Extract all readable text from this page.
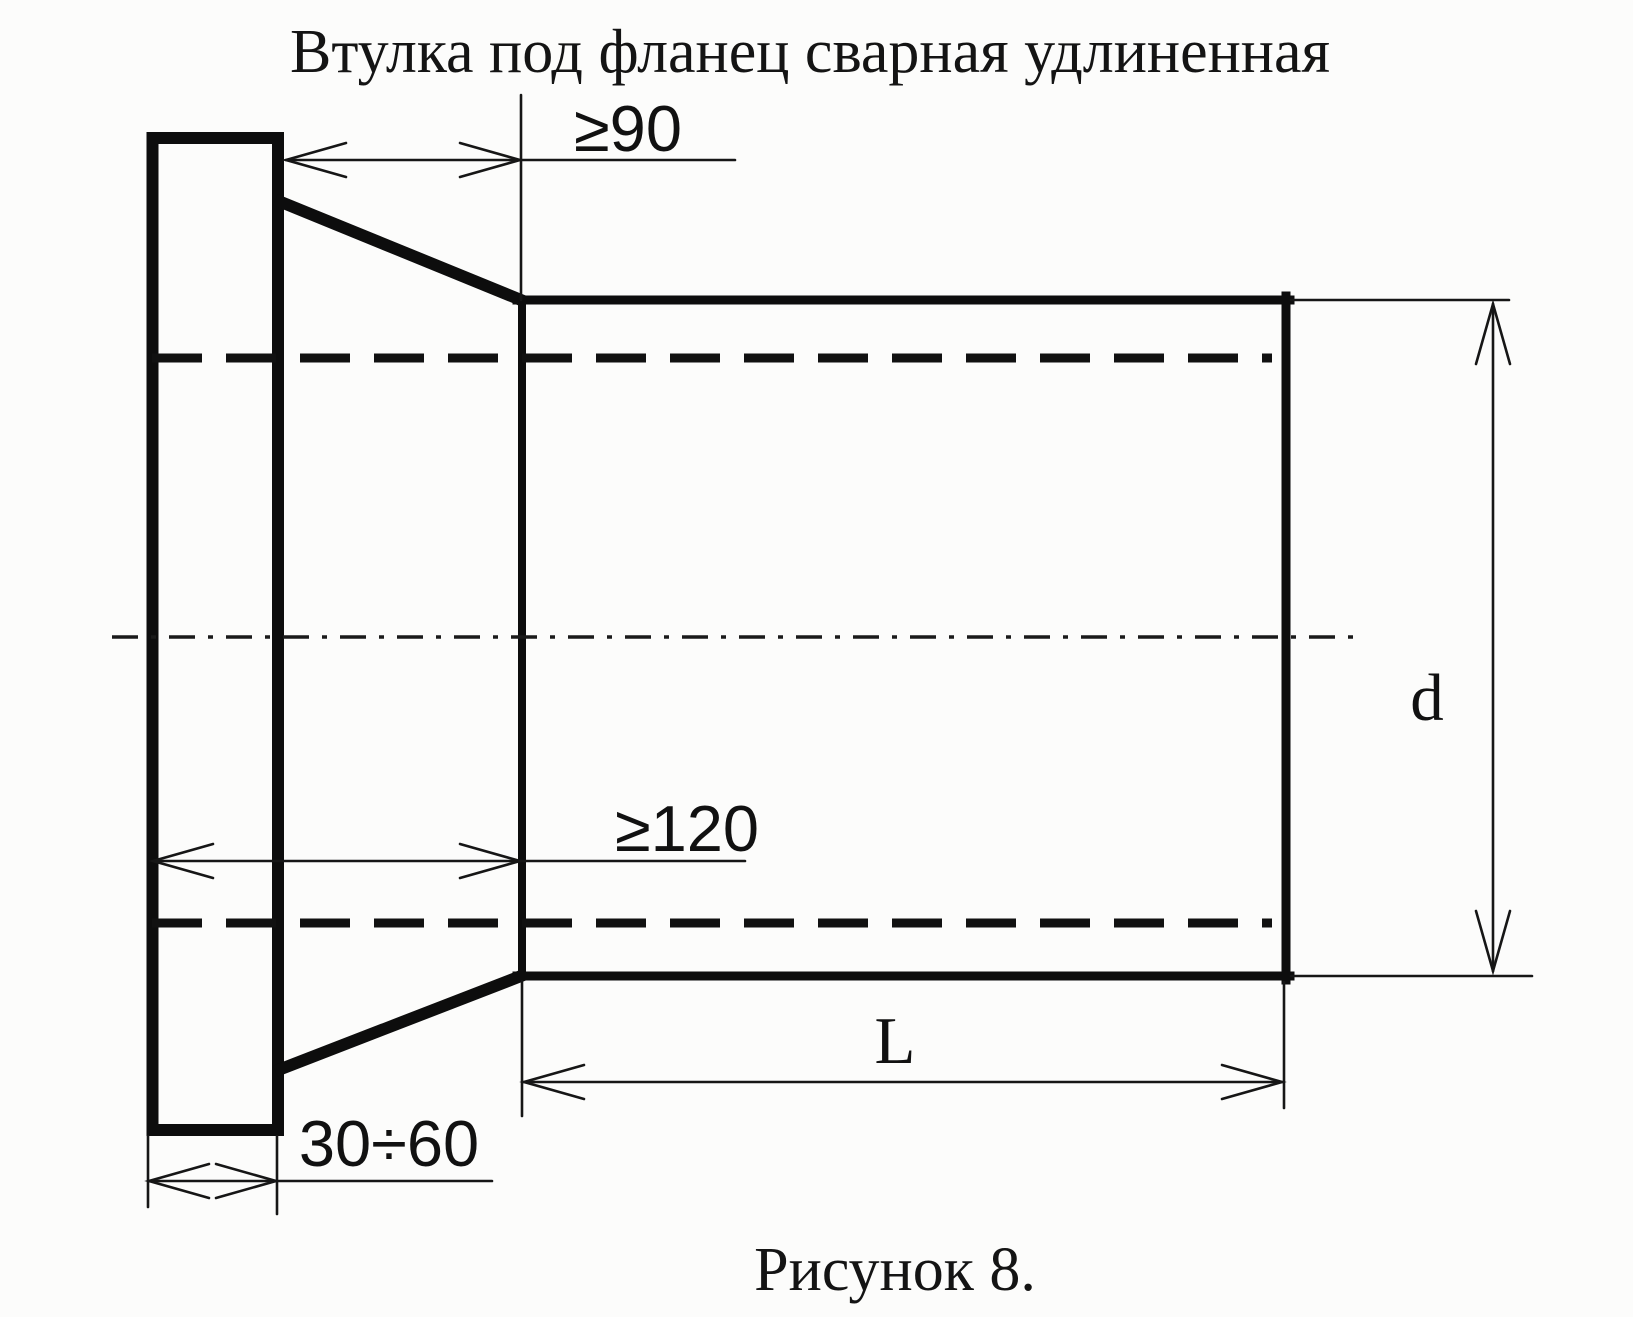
≥90
≥120
30÷60
L
d
Втулка под фланец сварная удлиненная
Рисунок 8.
